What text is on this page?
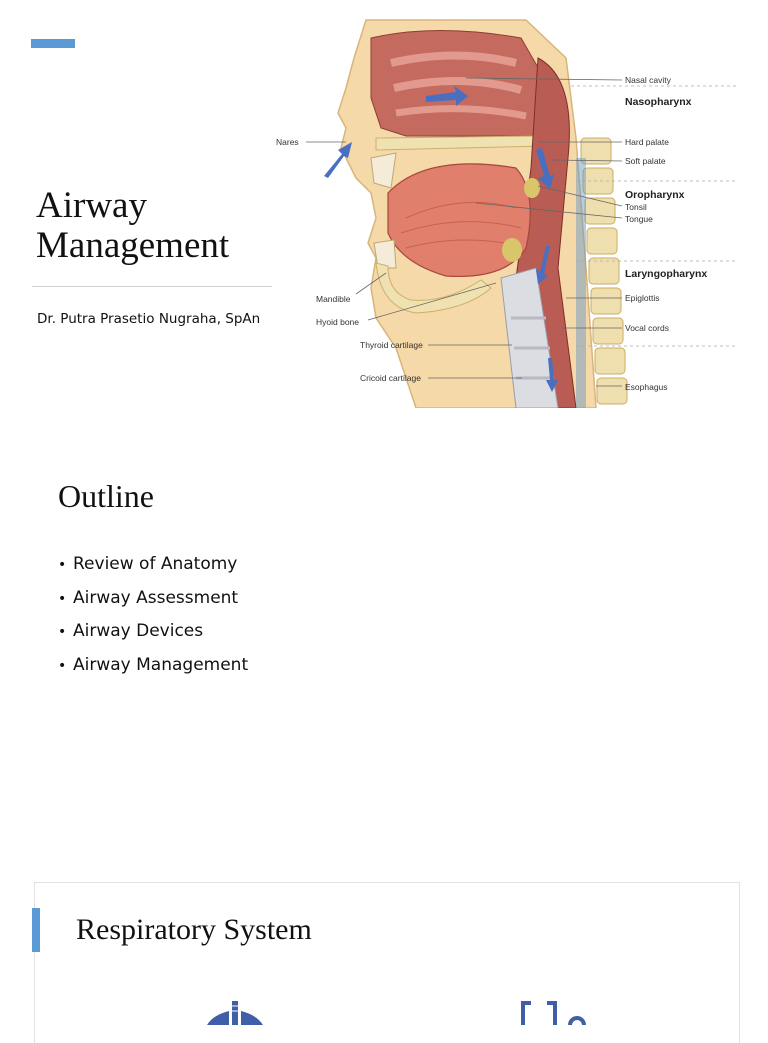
Airway
Management
Dr. Putra Prasetio Nugraha, SpAn
Nasal cavity
Nasopharynx
Nares	Hard palate
Soft palate
Oropharynx
Tonsil
Tongue
Laryngopharynx
Mandible	Epiglottis
Hyoid bone
Vocal cords
Thyroid cartilage
Cricoid cartilage
Esophagus
Outline
• Review of Anatomy
• Airway Assessment
• Airway Devices
• Airway Management
Respiratory System
